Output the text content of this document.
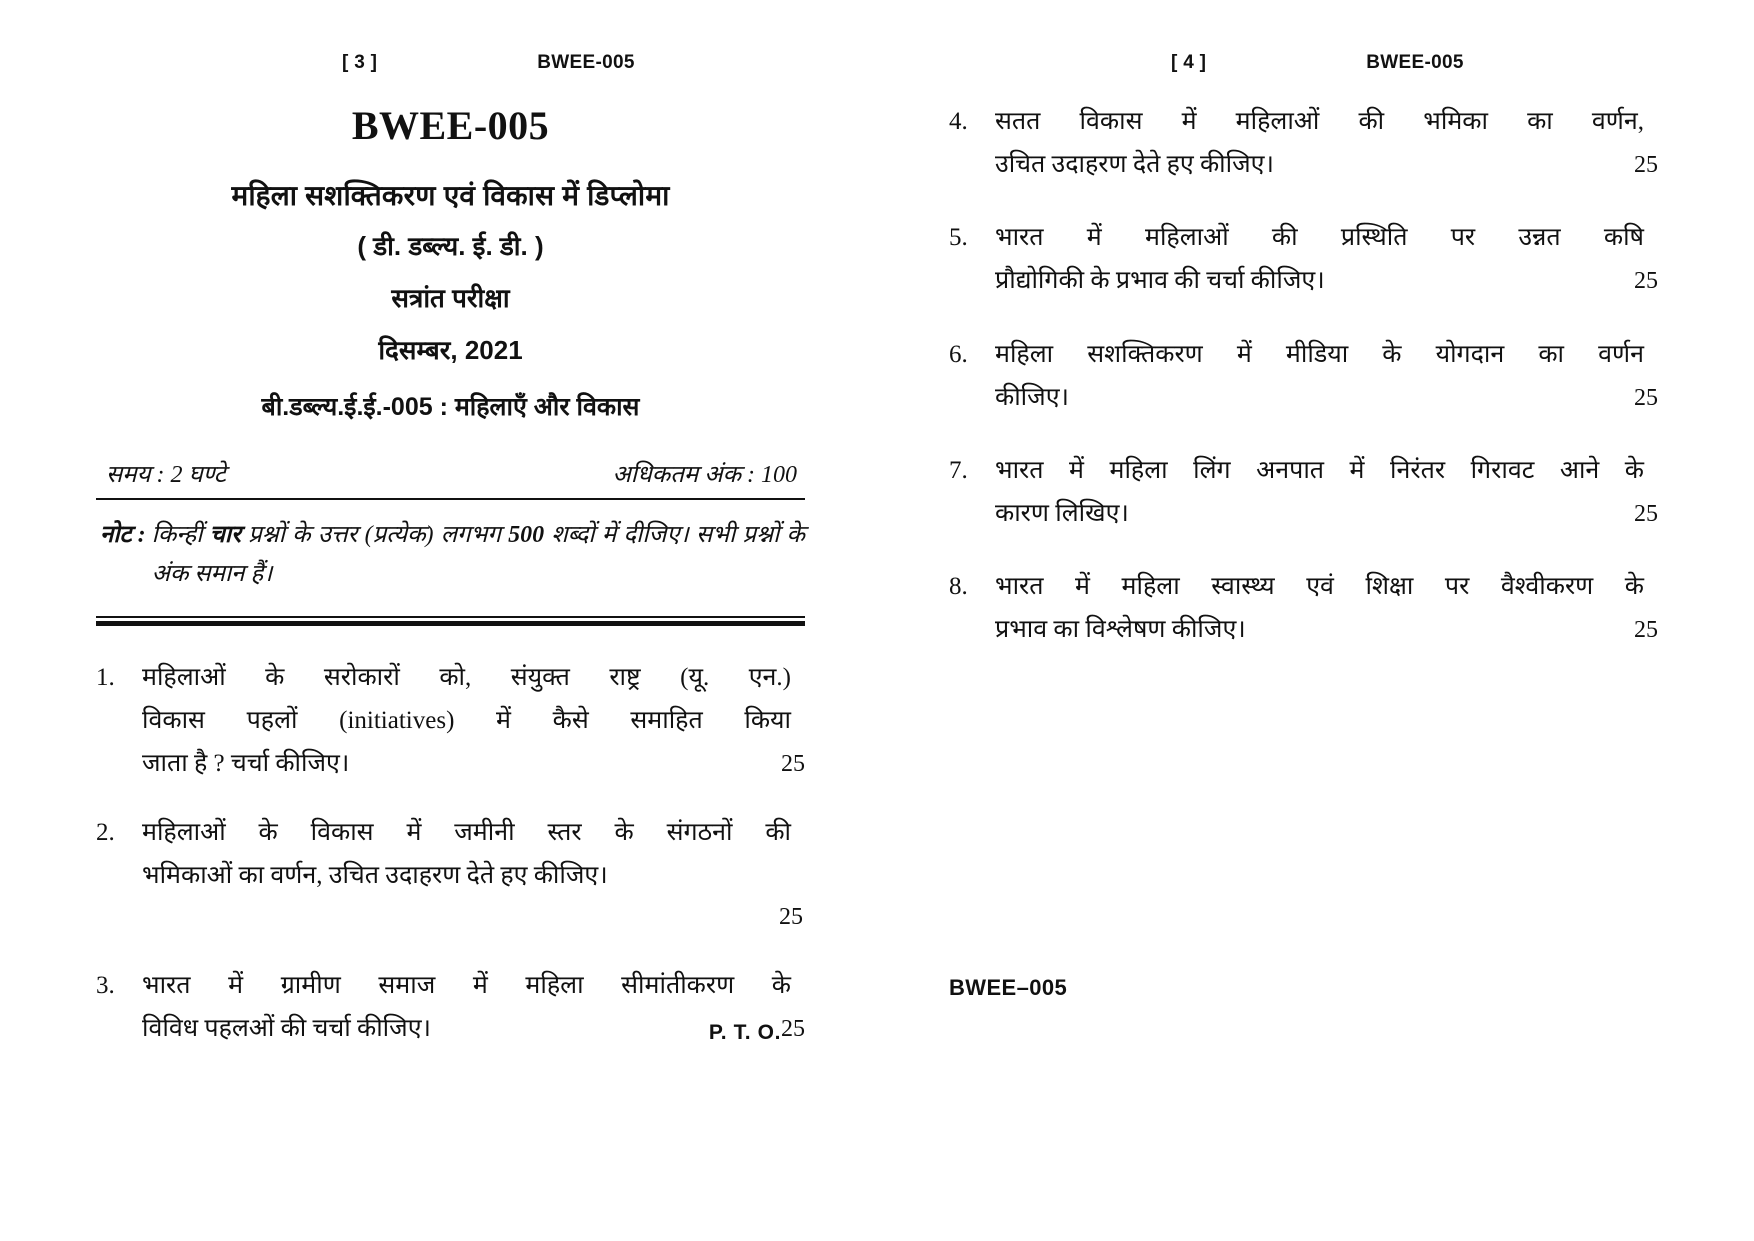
[ 3 ]	BWEE-005
BWEE-005
महिला सशक्तिकरण एवं विकास में डिप्लोमा
( डी. डब्ल्य. ई. डी. )
सत्रांत परीक्षा
दिसम्बर, 2021
बी.डब्ल्य.ई.ई.-005 : महिलाएँ और विकास
समय : 2 घण्टे	अधिकतम अंक : 100
नोट : किन्हीं चार प्रश्नों के उत्तर (प्रत्येक) लगभग 500 शब्दों में दीजिए। सभी प्रश्नों के अंक समान हैं।
1.	महिलाओं के सरोकारों को, संयुक्त राष्ट्र (यू. एन.)
विकास पहलों (initiatives) में कैसे समाहित किया
जाता है ? चर्चा कीजिए।	25
2.	महिलाओं के विकास में जमीनी स्तर के संगठनों की
भमिकाओं का वर्णन, उचित उदाहरण देते हए कीजिए।
25
3.	भारत में ग्रामीण समाज में महिला सीमांतीकरण के
विविध पहलओं की चर्चा कीजिए।	25
P. T. O.
[ 4 ]	BWEE-005
4.	सतत विकास में महिलाओं की भमिका का वर्णन,
उचित उदाहरण देते हए कीजिए।	25
5.	भारत में महिलाओं की प्रस्थिति पर उन्नत कषि
प्रौद्योगिकी के प्रभाव की चर्चा कीजिए।	25
6.	महिला सशक्तिकरण में मीडिया के योगदान का वर्णन
कीजिए।	25
7.	भारत में महिला लिंग अनपात में निरंतर गिरावट आने के
कारण लिखिए।	25
8.	भारत में महिला स्वास्थ्य एवं शिक्षा पर वैश्वीकरण के
प्रभाव का विश्लेषण कीजिए।	25
BWEE–005
